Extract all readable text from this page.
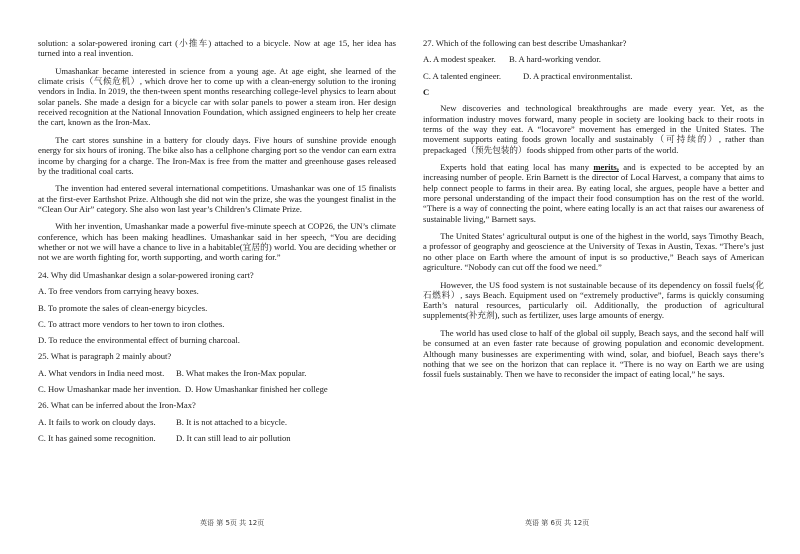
solution: a solar-powered ironing cart (小推车) attached to a bicycle. Now at age 15, her idea has turned into a real invention.

Umashankar became interested in science from a young age. At age eight, she learned of the climate crisis（气候危机）, which drove her to come up with a clean-energy solution to the ironing vendors in India. In 2019, the then-tween spent months researching college-level physics to learn about solar panels. She made a design for a bicycle car with solar panels to power a steam iron. Her design received recognition at the National Innovation Foundation, which assigned engineers to help her create the cart, known as the Iron-Max.

The cart stores sunshine in a battery for cloudy days. Five hours of sunshine provide enough energy for six hours of ironing. The bike also has a cellphone charging port so the vendor can earn extra income by charging for a charge. The Iron-Max is free from the matter and greenhouse gases released by the traditional coal carts.

The invention had entered several international competitions. Umashankar was one of 15 finalists at the first-ever Earthshot Prize. Although she did not win the prize, she was the youngest finalist in the “Clean Our Air” category. She also won last year’s Children’s Climate Prize.

With her invention, Umashankar made a powerful five-minute speech at COP26, the UN’s climate conference, which has been making headlines. Umashankar said in her speech, “You are deciding whether or not we will have a chance to live in a habitable(宜居的) world. You are deciding whether or not we are worth fighting for, worth supporting, and worth caring for.”

24. Why did Umashankar design a solar-powered ironing cart?

A. To free vendors from carrying heavy boxes.

B. To promote the sales of clean-energy bicycles.

C. To attract more vendors to her town to iron clothes.

D. To reduce the environmental effect of burning charcoal.

25. What is paragraph 2 mainly about?

A. What vendors in India need most.	B. What makes the Iron-Max popular.
C. How Umashankar made her invention. D. How Umashankar finished her college

26. What can be inferred about the Iron-Max?

A. It fails to work on cloudy days.	B. It is not attached to a bicycle.
C. It has gained some recognition.	D. It can still lead to air pollution

27. Which of the following can best describe Umashankar?

A. A modest speaker.	B. A hard-working vendor.
C. A talented engineer.	D. A practical environmentalist.

C

New discoveries and technological breakthroughs are made every year. Yet, as the information industry moves forward, many people in society are looking back to their roots in terms of the way they eat. A “locavore” movement has emerged in the United States. The movement supports eating foods grown locally and sustainably（可持续的）, rather than prepackaged（预先包装的）foods shipped from other parts of the world.

Experts hold that eating local has many merits, and is expected to be accepted by an increasing number of people. Erin Barnett is the director of Local Harvest, a company that aims to help connect people to farms in their area. By eating local, she argues, people have a better and more personal understanding of the impact their food consumption has on the rest of the world. “There is a way of connecting the point, where eating locally is an act that raises our awareness of sustainable living,” Barnett says.

The United States’ agricultural output is one of the highest in the world, says Timothy Beach, a professor of geography and geoscience at the University of Texas in Austin, Texas. “There’s just no other place on Earth where the amount of input is so productive,” Beach says of American agriculture. “Nobody can cut off the food we need.”

However, the US food system is not sustainable because of its dependency on fossil fuels(化石燃料）, says Beach. Equipment used on “extremely productive”, farms is quickly consuming Earth’s natural resources, particularly oil. Additionally, the production of agricultural supplements(补充剂), such as fertilizer, uses large amounts of energy.

The world has used close to half of the global oil supply, Beach says, and the second half will be consumed at an even faster rate because of growing population and economic development. Although many businesses are experimenting with wind, solar, and biofuel, Beach says there’s nothing that we see on the horizon that can replace it. “There is no way on Earth we are using fossil fuels sustainably. Then we have to reconsider the impact of eating local,” he says.

英语 第 5页 共 12页	英语 第 6页 共 12页
